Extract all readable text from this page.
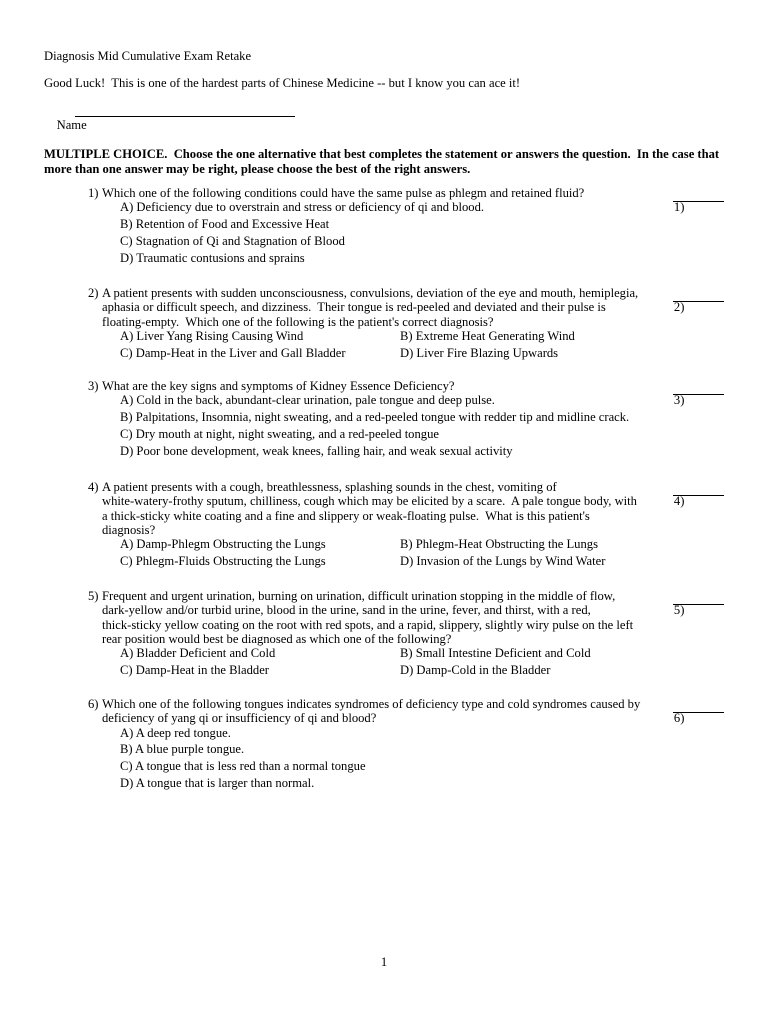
Diagnosis Mid Cumulative Exam Retake
Good Luck!  This is one of the hardest parts of Chinese Medicine -- but I know you can ace it!

Name

MULTIPLE CHOICE.  Choose the one alternative that best completes the statement or answers the question.  In the case that
more than one answer may be right, please choose the best of the right answers.
1) Which one of the following conditions could have the same pulse as phlegm and retained fluid?
A) Deficiency due to overstrain and stress or deficiency of qi and blood.
B) Retention of Food and Excessive Heat
C) Stagnation of Qi and Stagnation of Blood
D) Traumatic contusions and sprains

1)

2) A patient presents with sudden unconsciousness, convulsions, deviation of the eye and mouth, hemiplegia,
aphasia or difficult speech, and dizziness.  Their tongue is red-peeled and deviated and their pulse is
floating-empty.  Which one of the following is the patient's correct diagnosis?
A) Liver Yang Rising Causing Wind	B) Extreme Heat Generating Wind
C) Damp-Heat in the Liver and Gall Bladder	D) Liver Fire Blazing Upwards

2)

3) What are the key signs and symptoms of Kidney Essence Deficiency?
A) Cold in the back, abundant-clear urination, pale tongue and deep pulse.
B) Palpitations, Insomnia, night sweating, and a red-peeled tongue with redder tip and midline crack.
C) Dry mouth at night, night sweating, and a red-peeled tongue
D) Poor bone development, weak knees, falling hair, and weak sexual activity

3)

4) A patient presents with a cough, breathlessness, splashing sounds in the chest, vomiting of
white-watery-frothy sputum, chilliness, cough which may be elicited by a scare.  A pale tongue body, with
a thick-sticky white coating and a fine and slippery or weak-floating pulse.  What is this patient's
diagnosis?
A) Damp-Phlegm Obstructing the Lungs	B) Phlegm-Heat Obstructing the Lungs
C) Phlegm-Fluids Obstructing the Lungs	D) Invasion of the Lungs by Wind Water

4)

5) Frequent and urgent urination, burning on urination, difficult urination stopping in the middle of flow,
dark-yellow and/or turbid urine, blood in the urine, sand in the urine, fever, and thirst, with a red,
thick-sticky yellow coating on the root with red spots, and a rapid, slippery, slightly wiry pulse on the left
rear position would best be diagnosed as which one of the following?
A) Bladder Deficient and Cold	B) Small Intestine Deficient and Cold
C) Damp-Heat in the Bladder	D) Damp-Cold in the Bladder

5)

6) Which one of the following tongues indicates syndromes of deficiency type and cold syndromes caused by
deficiency of yang qi or insufficiency of qi and blood?
A) A deep red tongue.
B) A blue purple tongue.
C) A tongue that is less red than a normal tongue
D) A tongue that is larger than normal.

6)

1
